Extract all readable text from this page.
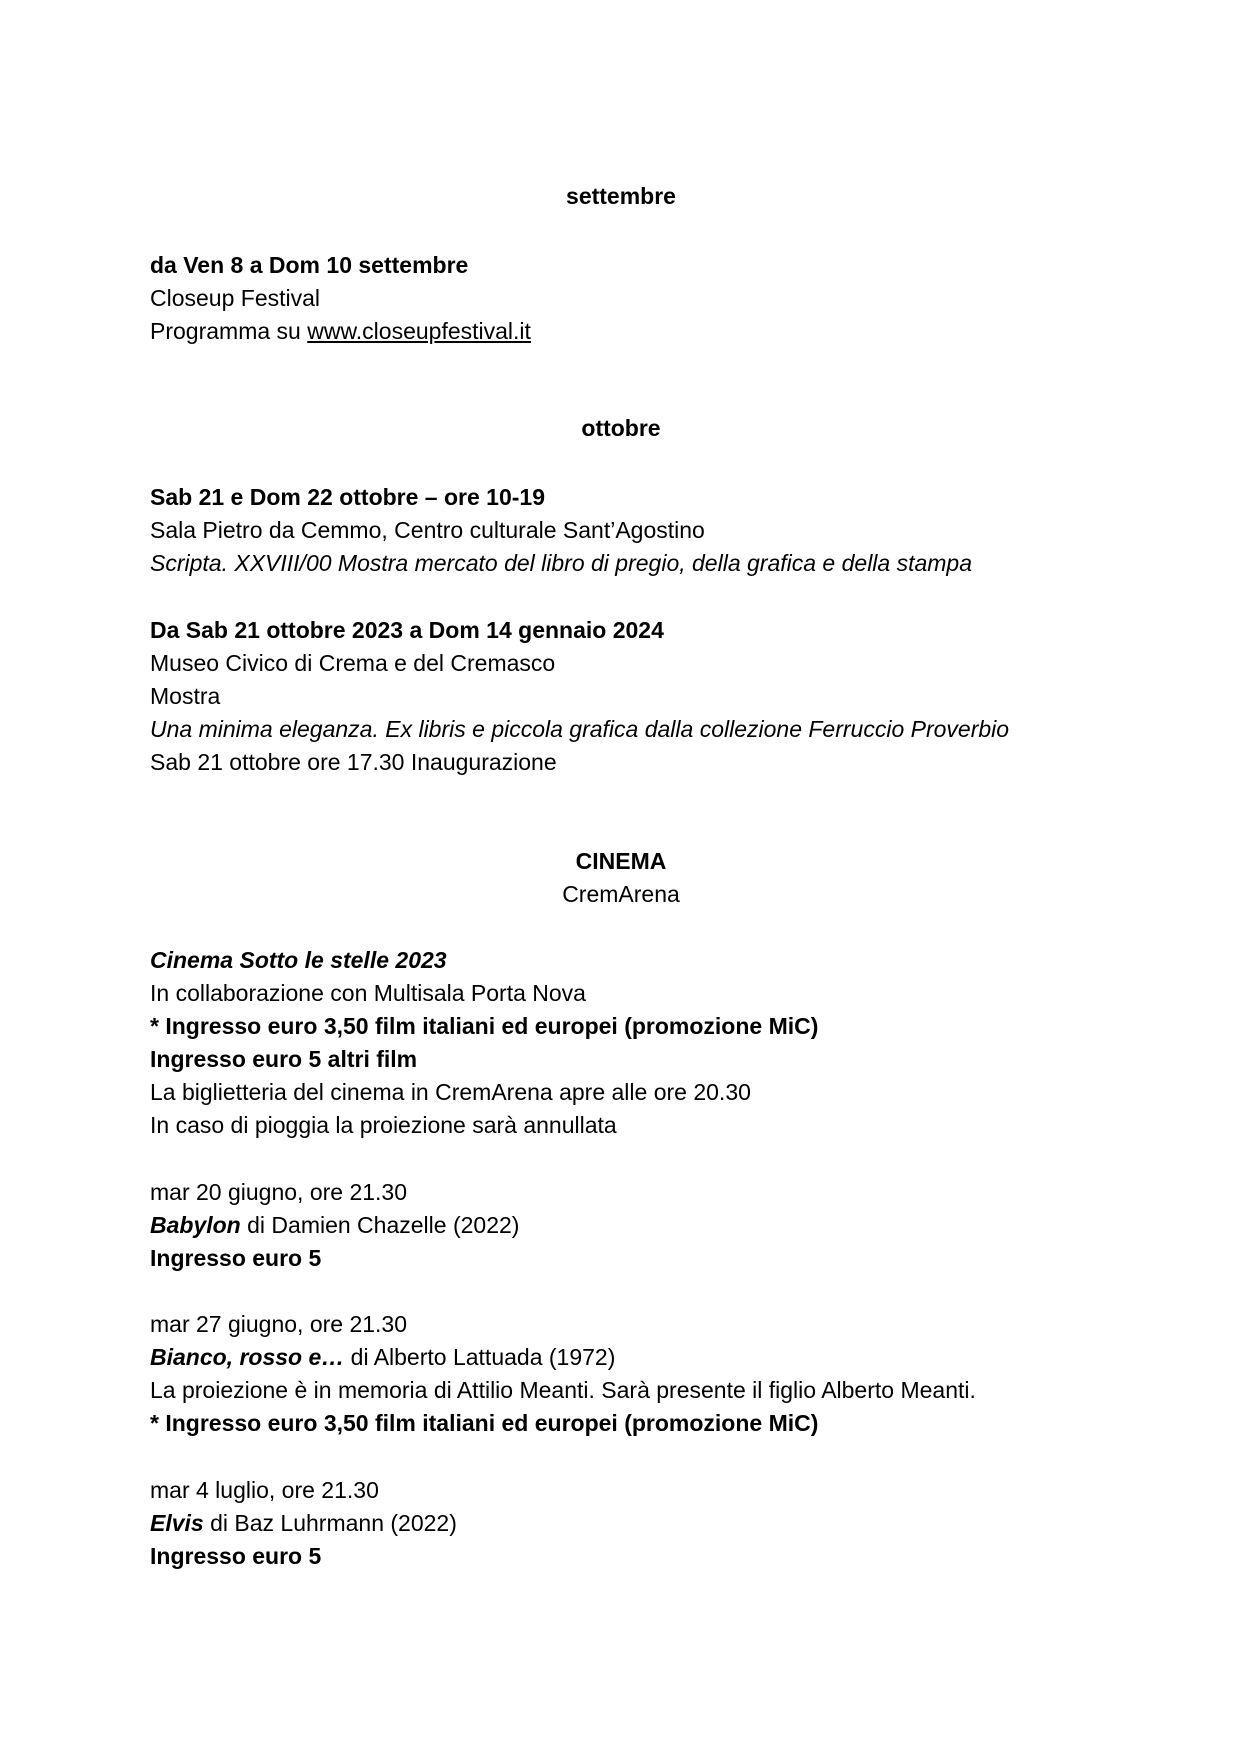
settembre
da Ven 8 a Dom 10 settembre
Closeup Festival
Programma su www.closeupfestival.it
ottobre
Sab 21 e Dom 22 ottobre – ore 10-19
Sala Pietro da Cemmo, Centro culturale Sant’Agostino
Scripta. XXVIII/00 Mostra mercato del libro di pregio, della grafica e della stampa
Da Sab 21 ottobre 2023 a Dom 14 gennaio 2024
Museo Civico di Crema e del Cremasco
Mostra
Una minima eleganza. Ex libris e piccola grafica dalla collezione Ferruccio Proverbio
Sab 21 ottobre ore 17.30 Inaugurazione
CINEMA
CremArena
Cinema Sotto le stelle 2023
In collaborazione con Multisala Porta Nova
* Ingresso euro 3,50 film italiani ed europei (promozione MiC)
Ingresso euro 5 altri film
La biglietteria del cinema in CremArena apre alle ore 20.30
In caso di pioggia la proiezione sarà annullata
mar 20 giugno, ore 21.30
Babylon di Damien Chazelle (2022)
Ingresso euro 5
mar 27 giugno, ore 21.30
Bianco, rosso e… di Alberto Lattuada (1972)
La proiezione è in memoria di Attilio Meanti. Sarà presente il figlio Alberto Meanti.
* Ingresso euro 3,50 film italiani ed europei (promozione MiC)
mar 4 luglio, ore 21.30
Elvis di Baz Luhrmann (2022)
Ingresso euro 5
